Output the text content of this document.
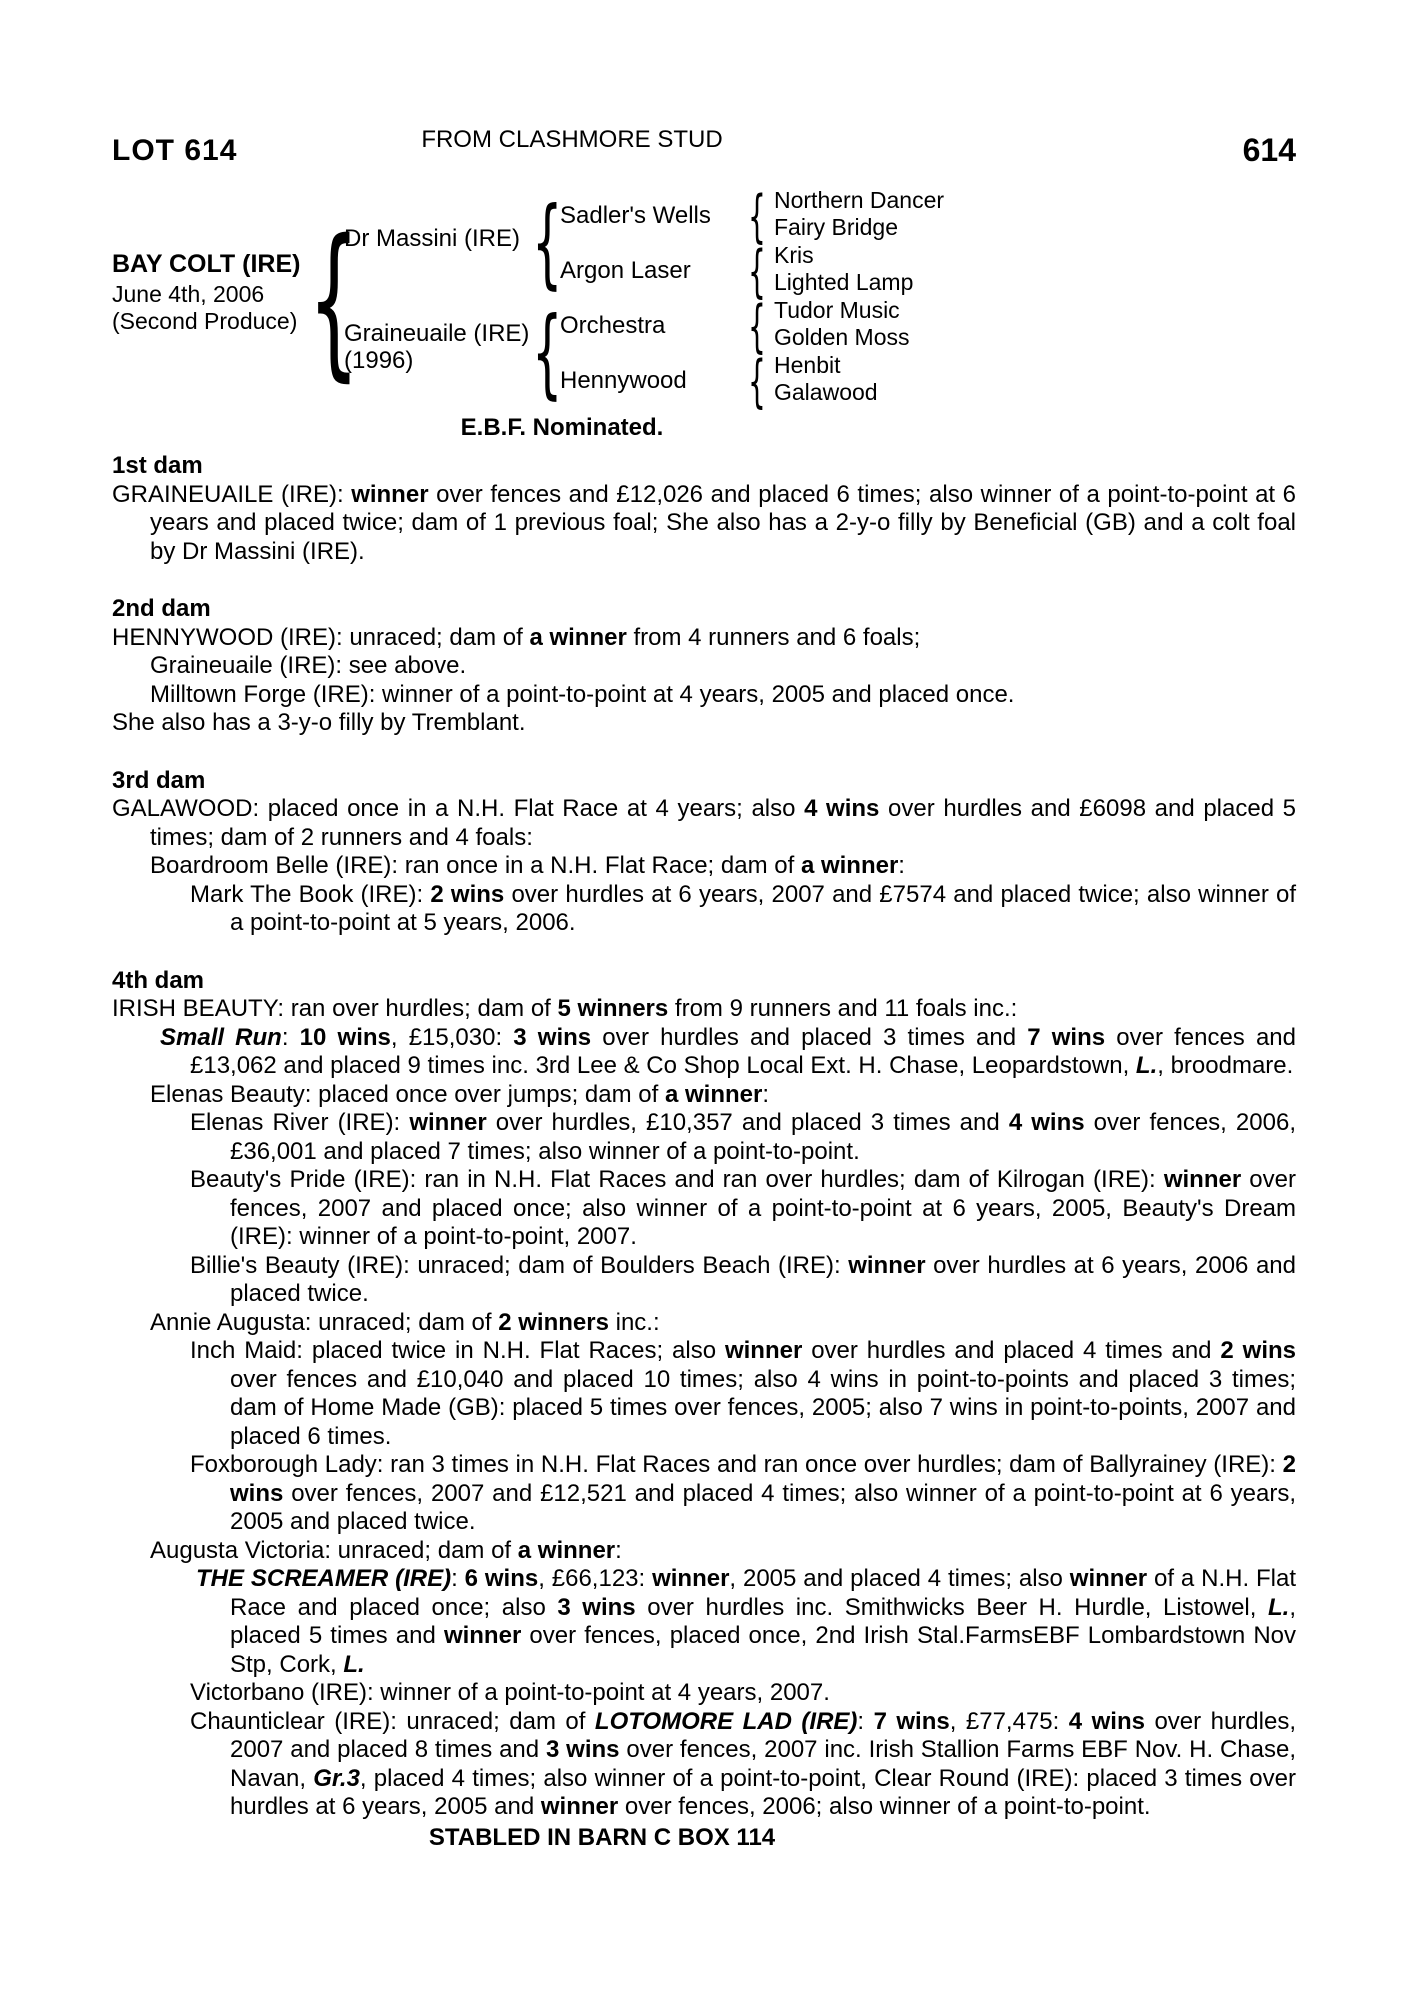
LOT 614	FROM CLASHMORE STUD	614
BAY COLT (IRE)
June 4th, 2006
(Second Produce)
{
Dr Massini (IRE)
Graineuaile (IRE)
(1996)
{
{
Sadler's Wells
Argon Laser
Orchestra
Hennywood
{
{
{
{
Northern Dancer
Fairy Bridge
Kris
Lighted Lamp
Tudor Music
Golden Moss
Henbit
Galawood
E.B.F. Nominated.
1st dam
GRAINEUAILE (IRE): winner over fences and £12,026 and placed 6 times; also winner of a point-to-point at 6 years and placed twice; dam of 1 previous foal; She also has a 2-y-o filly by Beneficial (GB) and a colt foal by Dr Massini (IRE).
2nd dam
HENNYWOOD (IRE): unraced; dam of a winner from 4 runners and 6 foals;
Graineuaile (IRE): see above.
Milltown Forge (IRE): winner of a point-to-point at 4 years, 2005 and placed once.
She also has a 3-y-o filly by Tremblant.
3rd dam
GALAWOOD: placed once in a N.H. Flat Race at 4 years; also 4 wins over hurdles and £6098 and placed 5 times; dam of 2 runners and 4 foals:
Boardroom Belle (IRE): ran once in a N.H. Flat Race; dam of a winner:
Mark The Book (IRE): 2 wins over hurdles at 6 years, 2007 and £7574 and placed twice; also winner of a point-to-point at 5 years, 2006.
4th dam
IRISH BEAUTY: ran over hurdles; dam of 5 winners from 9 runners and 11 foals inc.:
Small Run: 10 wins, £15,030: 3 wins over hurdles and placed 3 times and 7 wins over fences and £13,062 and placed 9 times inc. 3rd Lee & Co Shop Local Ext. H. Chase, Leopardstown, L., broodmare.
Elenas Beauty: placed once over jumps; dam of a winner:
Elenas River (IRE): winner over hurdles, £10,357 and placed 3 times and 4 wins over fences, 2006, £36,001 and placed 7 times; also winner of a point-to-point.
Beauty's Pride (IRE): ran in N.H. Flat Races and ran over hurdles; dam of Kilrogan (IRE): winner over fences, 2007 and placed once; also winner of a point-to-point at 6 years, 2005, Beauty's Dream (IRE): winner of a point-to-point, 2007.
Billie's Beauty (IRE): unraced; dam of Boulders Beach (IRE): winner over hurdles at 6 years, 2006 and placed twice.
Annie Augusta: unraced; dam of 2 winners inc.:
Inch Maid: placed twice in N.H. Flat Races; also winner over hurdles and placed 4 times and 2 wins over fences and £10,040 and placed 10 times; also 4 wins in point-to-points and placed 3 times; dam of Home Made (GB): placed 5 times over fences, 2005; also 7 wins in point-to-points, 2007 and placed 6 times.
Foxborough Lady: ran 3 times in N.H. Flat Races and ran once over hurdles; dam of Ballyrainey (IRE): 2 wins over fences, 2007 and £12,521 and placed 4 times; also winner of a point-to-point at 6 years, 2005 and placed twice.
Augusta Victoria: unraced; dam of a winner:
THE SCREAMER (IRE): 6 wins, £66,123: winner, 2005 and placed 4 times; also winner of a N.H. Flat Race and placed once; also 3 wins over hurdles inc. Smithwicks Beer H. Hurdle, Listowel, L., placed 5 times and winner over fences, placed once, 2nd Irish Stal.FarmsEBF Lombardstown Nov Stp, Cork, L.
Victorbano (IRE): winner of a point-to-point at 4 years, 2007.
Chaunticlear (IRE): unraced; dam of LOTOMORE LAD (IRE): 7 wins, £77,475: 4 wins over hurdles, 2007 and placed 8 times and 3 wins over fences, 2007 inc. Irish Stallion Farms EBF Nov. H. Chase, Navan, Gr.3, placed 4 times; also winner of a point-to-point, Clear Round (IRE): placed 3 times over hurdles at 6 years, 2005 and winner over fences, 2006; also winner of a point-to-point.
STABLED IN BARN C BOX 114
